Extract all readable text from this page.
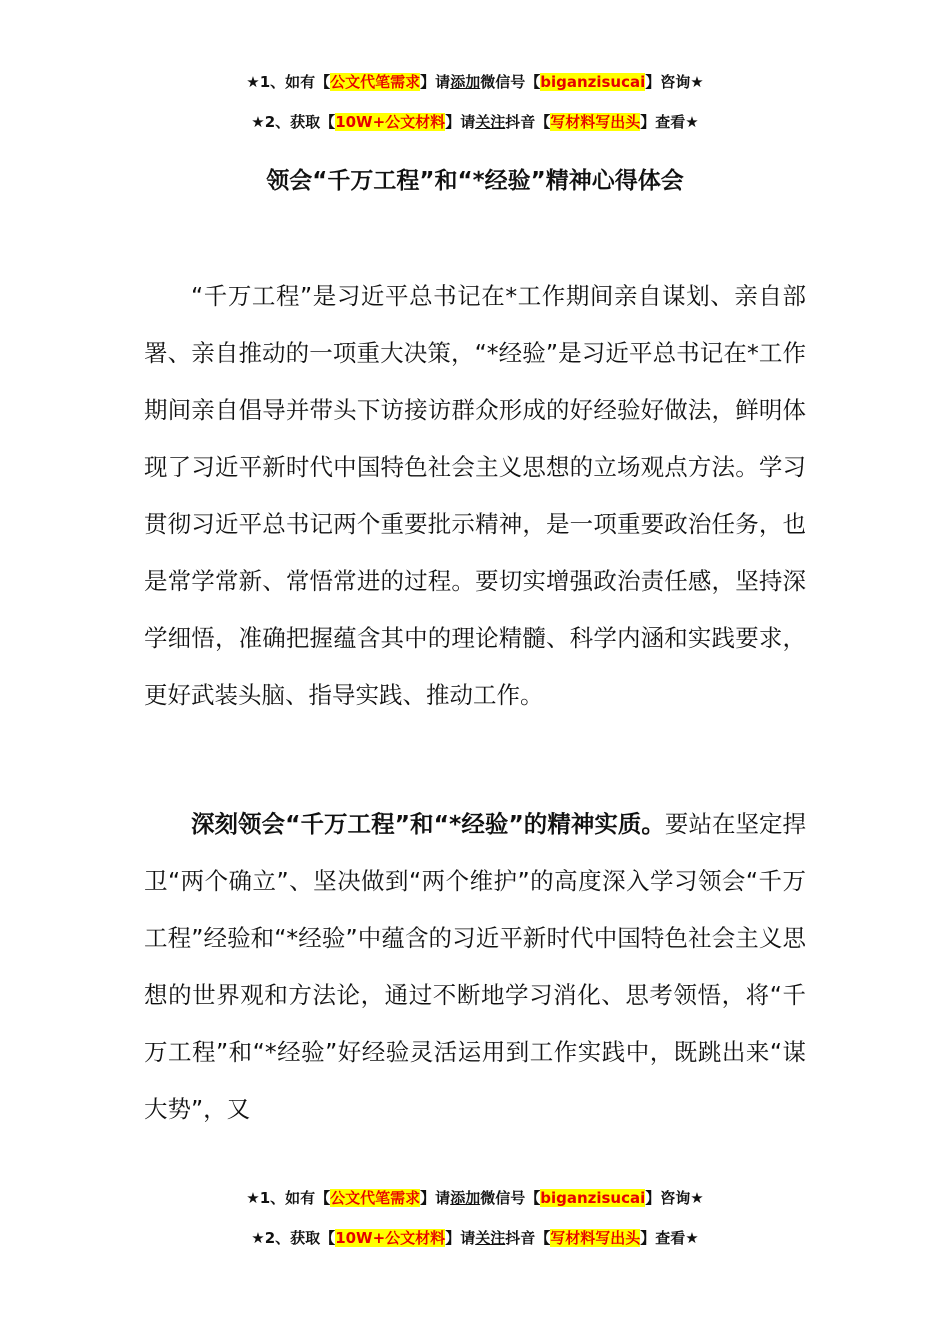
★1、如有【公文代笔需求】请添加微信号【biganzisucai】咨询★
★2、获取【10W+公文材料】请关注抖音【写材料写出头】查看★
领会“千万工程”和“*经验”精神心得体会

“千万工程”是习近平总书记在*工作期间亲自谋划、亲自部署、亲自推动的一项重大决策，“*经验”是习近平总书记在*工作期间亲自倡导并带头下访接访群众形成的好经验好做法，鲜明体现了习近平新时代中国特色社会主义思想的立场观点方法。学习贯彻习近平总书记两个重要批示精神，是一项重要政治任务，也是常学常新、常悟常进的过程。要切实增强政治责任感，坚持深学细悟，准确把握蕴含其中的理论精髓、科学内涵和实践要求，更好武装头脑、指导实践、推动工作。

深刻领会“千万工程”和“*经验”的精神实质。要站在坚定捍卫“两个确立”、坚决做到“两个维护”的高度深入学习领会“千万工程”经验和“*经验”中蕴含的习近平新时代中国特色社会主义思想的世界观和方法论，通过不断地学习消化、思考领悟，将“千万工程”和“*经验”好经验灵活运用到工作实践中，既跳出来“谋大势”，又

★1、如有【公文代笔需求】请添加微信号【biganzisucai】咨询★
★2、获取【10W+公文材料】请关注抖音【写材料写出头】查看★
